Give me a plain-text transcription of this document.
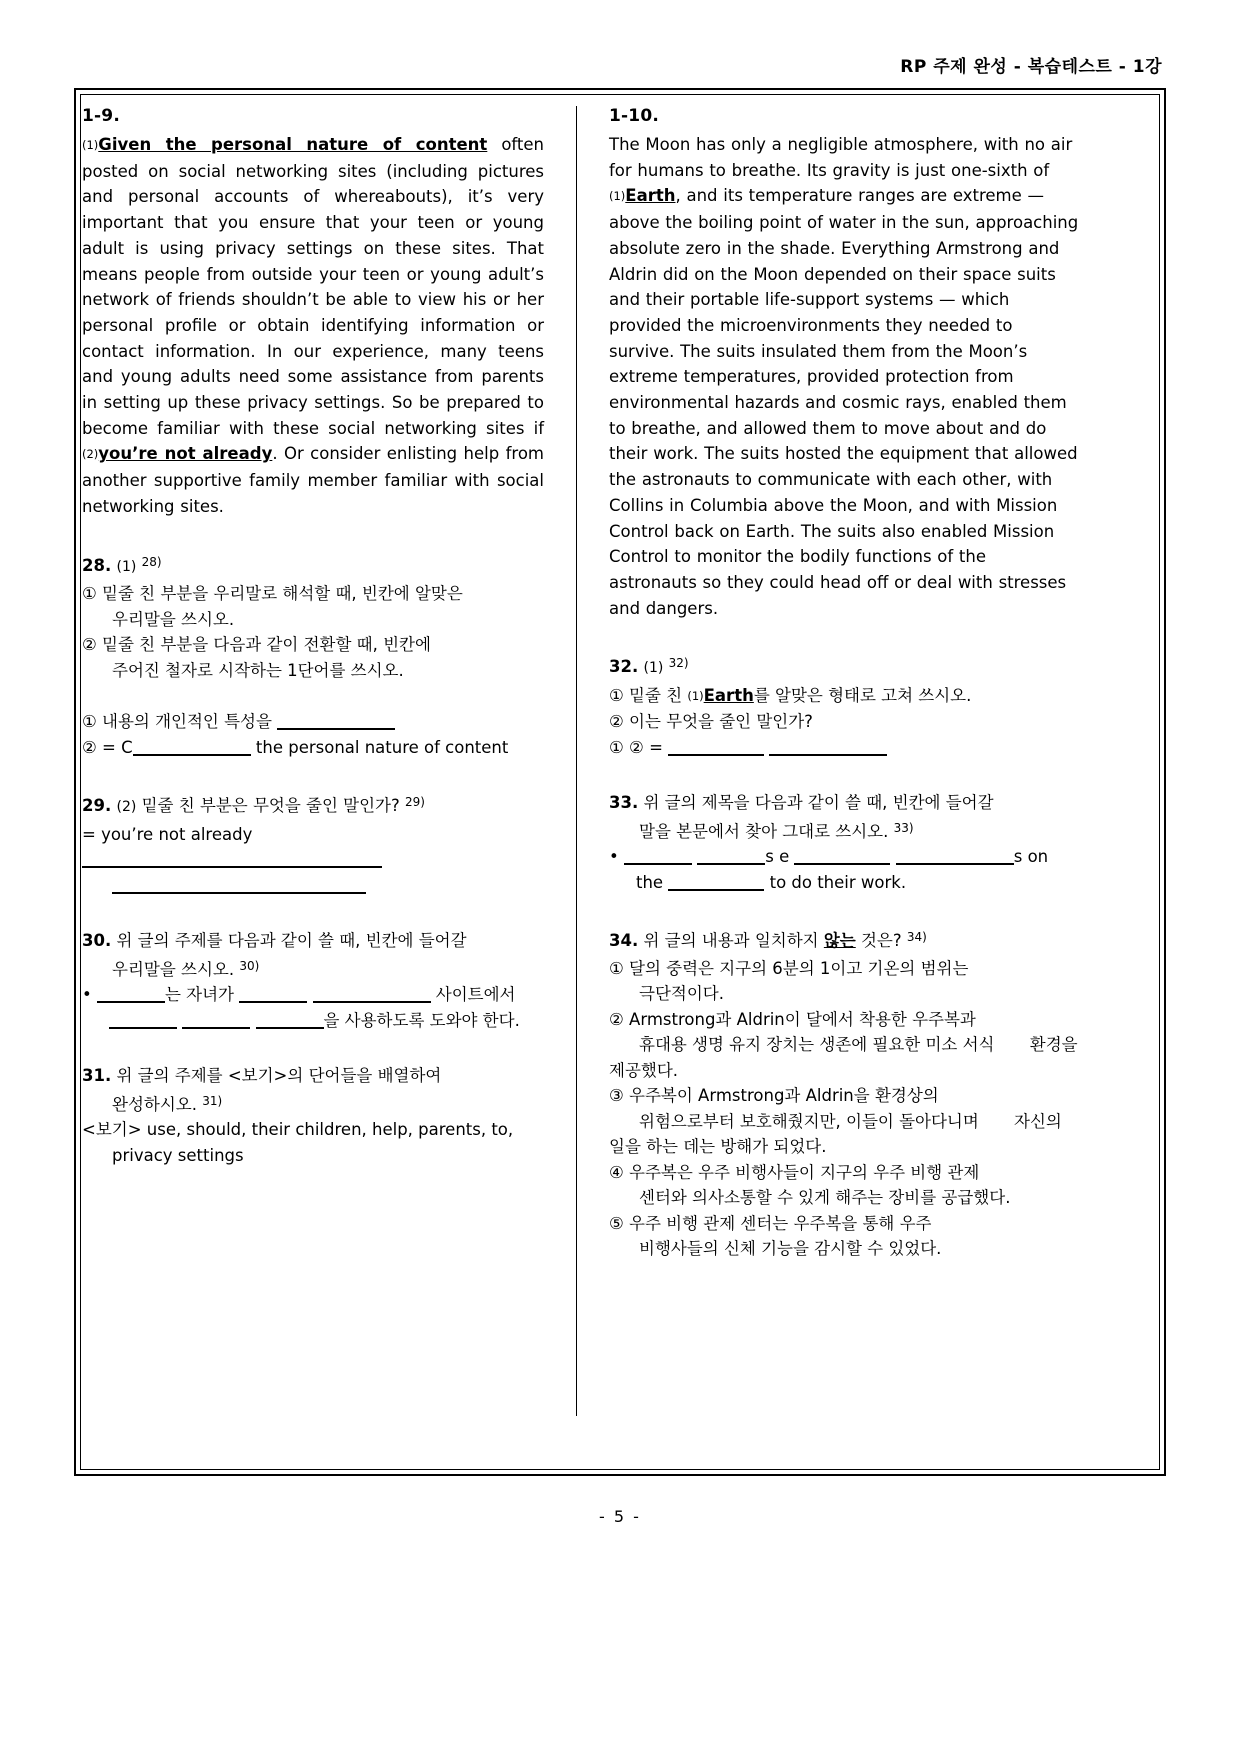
RP 주제 완성 - 복습테스트 - 1강
1-9.

(1)Given the personal nature of content often posted on social networking sites (including pictures and personal accounts of whereabouts), it’s very important that you ensure that your teen or young adult is using privacy settings on these sites. That means people from outside your teen or young adult’s network of friends shouldn’t be able to view his or her personal profile or obtain identifying information or contact information. In our experience, many teens and young adults need some assistance from parents in setting up these privacy settings. So be prepared to become familiar with these social networking sites if (2)you’re not already. Or consider enlisting help from another supportive family member familiar with social networking sites.

28. (1) $^{28)}$
① 밑줄 친 부분을 우리말로 해석할 때, 빈칸에 알맞은
우리말을 쓰시오.
② 밑줄 친 부분을 다음과 같이 전환할 때, 빈칸에
주어진 철자로 시작하는 1단어를 쓰시오.
① 내용의 개인적인 특성을
② = C	the personal nature of content
29. (2) 밑줄 친 부분은 무엇을 줄인 말인가? $^{29)}$
= you’re not already
30. 위 글의 주제를 다음과 같이 쓸 때, 빈칸에 들어갈
우리말을 쓰시오. $^{30)}$
•	는 자녀가	사이트에서
을 사용하도록 도와야 한다.
31. 위 글의 주제를 <보기>의 단어들을 배열하여
완성하시오. $^{31)}$
<보기> use, should, their children, help, parents, to,
privacy settings
1-10.

The Moon has only a negligible atmosphere, with no air for humans to breathe. Its gravity is just one-sixth of (1)Earth, and its temperature ranges are extreme — above the boiling point of water in the sun, approaching absolute zero in the shade. Everything Armstrong and Aldrin did on the Moon depended on their space suits and their portable life-support systems — which provided the microenvironments they needed to survive. The suits insulated them from the Moon’s extreme temperatures, provided protection from environmental hazards and cosmic rays, enabled them to breathe, and allowed them to move about and do their work. The suits hosted the equipment that allowed the astronauts to communicate with each other, with Collins in Columbia above the Moon, and with Mission Control back on Earth. The suits also enabled Mission Control to monitor the bodily functions of the astronauts so they could head off or deal with stresses and dangers.

32. (1) $^{32)}$
① 밑줄 친 (1)Earth를 알맞은 형태로 고쳐 쓰시오.
② 이는 무엇을 줄인 말인가?
① ② =
33. 위 글의 제목을 다음과 같이 쓸 때, 빈칸에 들어갈
말을 본문에서 찾아 그대로 쓰시오. $^{33)}$
•	s e	s on
the	to do their work.
34. 위 글의 내용과 일치하지 않는 것은? $^{34)}$
① 달의 중력은 지구의 6분의 1이고 기온의 범위는
극단적이다.
② Armstrong과 Aldrin이 달에서 착용한 우주복과
휴대용 생명 유지 장치는 생존에 필요한 미소 서식 환경을 제공했다.
③ 우주복이 Armstrong과 Aldrin을 환경상의
위험으로부터 보호해줬지만, 이들이 돌아다니며 자신의 일을 하는 데는 방해가 되었다.
④ 우주복은 우주 비행사들이 지구의 우주 비행 관제
센터와 의사소통할 수 있게 해주는 장비를 공급했다.
⑤ 우주 비행 관제 센터는 우주복을 통해 우주
비행사들의 신체 기능을 감시할 수 있었다.
- 5 -
